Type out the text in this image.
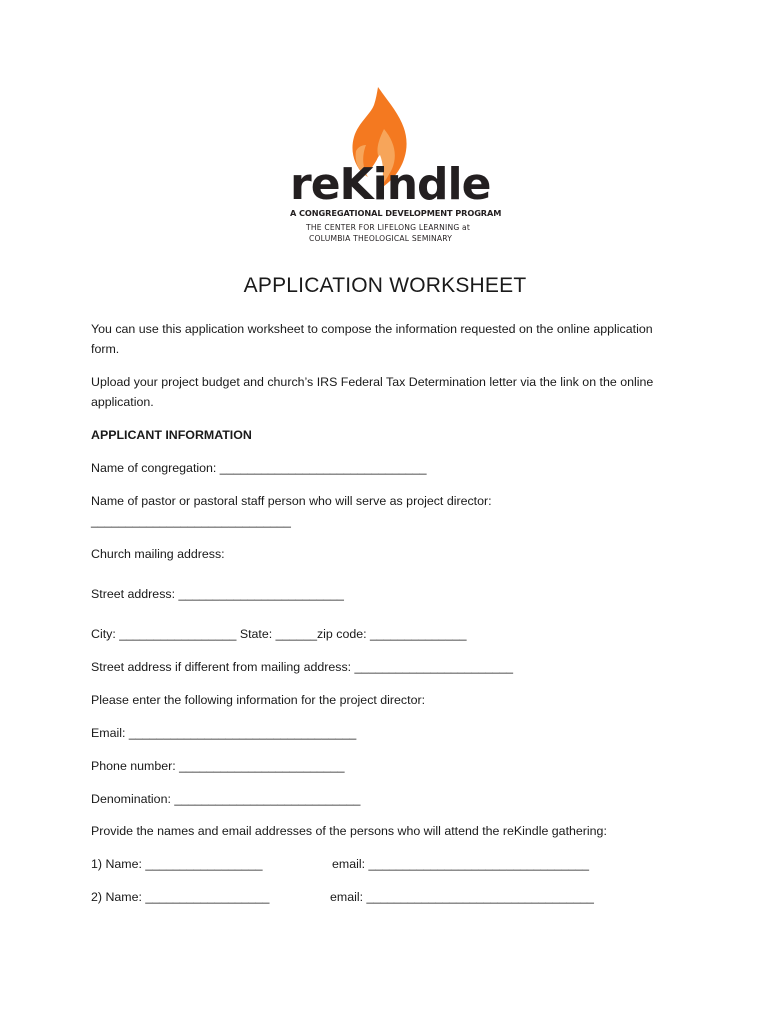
reKindle
A CONGREGATIONAL DEVELOPMENT PROGRAM
THE CENTER FOR LIFELONG LEARNING at
COLUMBIA THEOLOGICAL SEMINARY
APPLICATION WORKSHEET
You can use this application worksheet to compose the information requested on the online application
form.
Upload your project budget and church’s IRS Federal Tax Determination letter via the link on the online
application.
APPLICANT INFORMATION
Name of congregation: ______________________________
Name of pastor or pastoral staff person who will serve as project director:
_____________________________
Church mailing address:
Street address: ________________________
City: _________________ State: ______zip code: ______________
Street address if different from mailing address: _______________________
Please enter the following information for the project director:
Email: _________________________________
Phone number: ________________________
Denomination: ___________________________
Provide the names and email addresses of the persons who will attend the reKindle gathering:
1) Name: _________________	email: ________________________________
2) Name: __________________	email: _________________________________
